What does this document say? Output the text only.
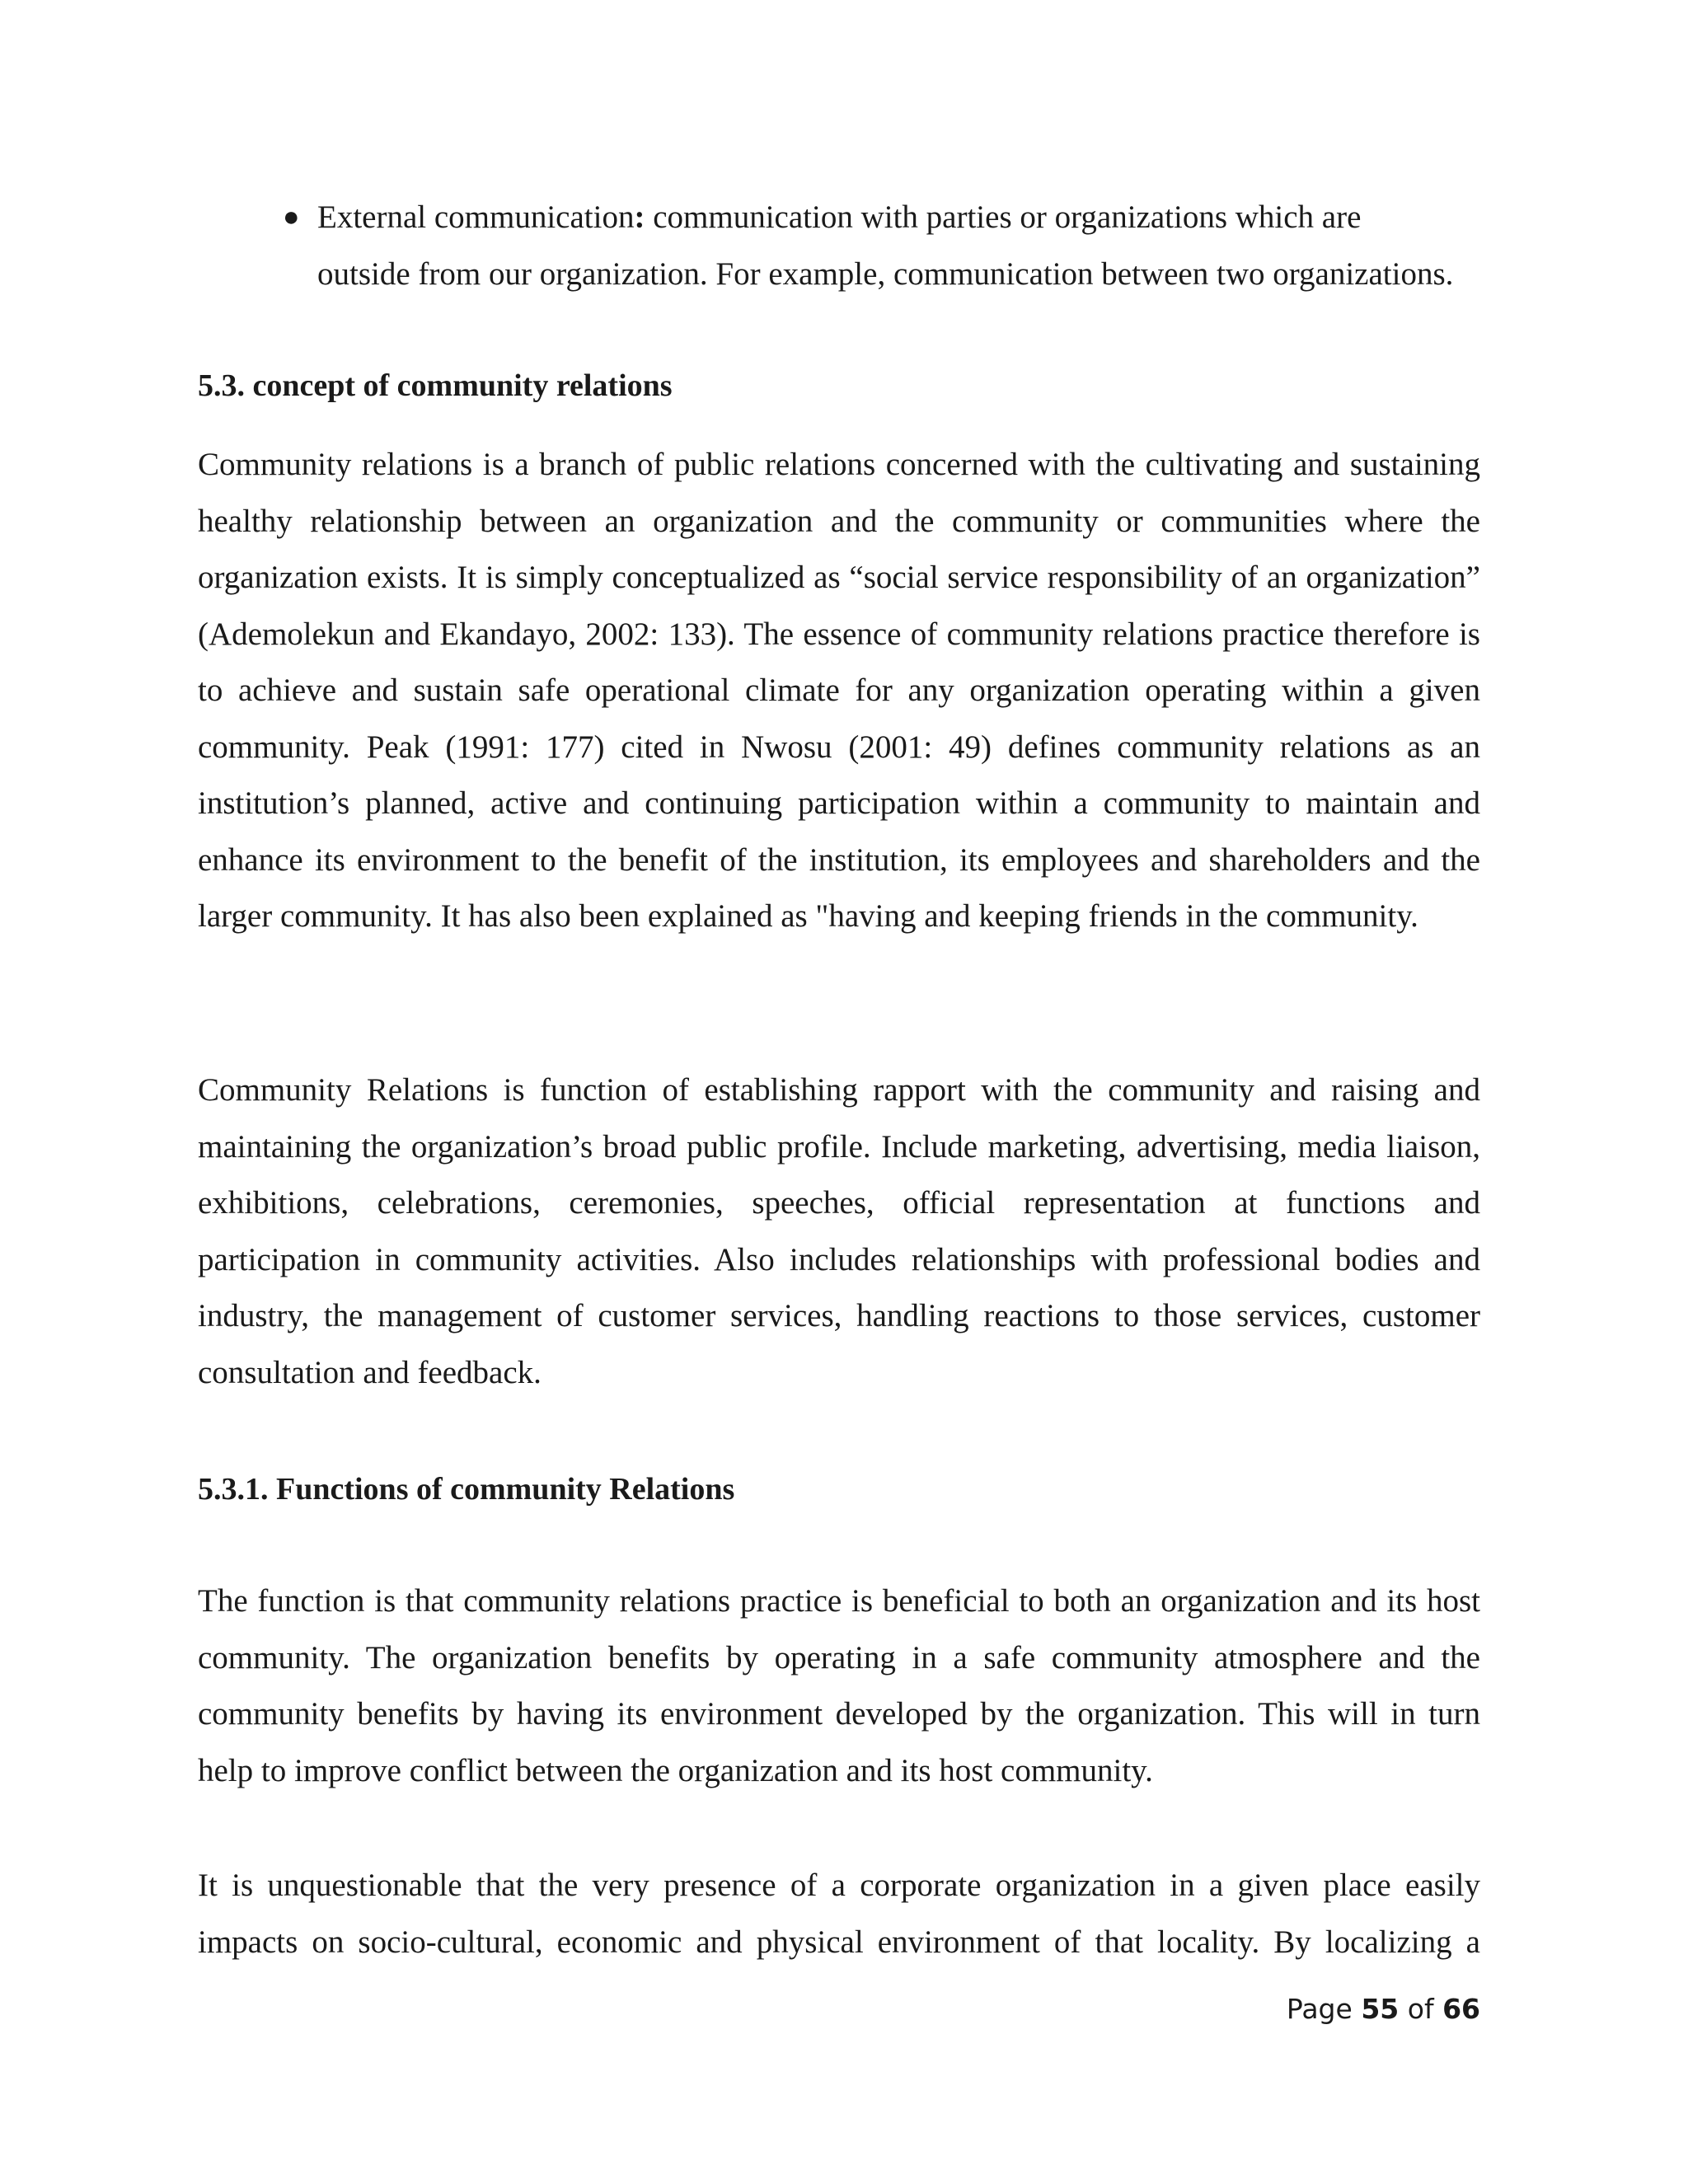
● External communication: communication with parties or organizations which are outside from our organization. For example, communication between two organizations.
5.3. concept of community relations
Community relations is a branch of public relations concerned with the cultivating and sustaining healthy relationship between an organization and the community or communities where the organization exists. It is simply conceptualized as “social service responsibility of an organization” (Ademolekun and Ekandayo, 2002: 133). The essence of community relations practice therefore is to achieve and sustain safe operational climate for any organization operating within a given community. Peak (1991: 177) cited in Nwosu (2001: 49) defines community relations as an institution’s planned, active and continuing participation within a community to maintain and enhance its environment to the benefit of the institution, its employees and shareholders and the larger community. It has also been explained as "having and keeping friends in the community.
Community Relations is function of establishing rapport with the community and raising and maintaining the organization’s broad public profile. Include marketing, advertising, media liaison, exhibitions, celebrations, ceremonies, speeches, official representation at functions and participation in community activities. Also includes relationships with professional bodies and industry, the management of customer services, handling reactions to those services, customer consultation and feedback.
5.3.1. Functions of community Relations
The function is that community relations practice is beneficial to both an organization and its host community. The organization benefits by operating in a safe community atmosphere and the community benefits by having its environment developed by the organization. This will in turn help to improve conflict between the organization and its host community.
It is unquestionable that the very presence of a corporate organization in a given place easily impacts on socio-cultural, economic and physical environment of that locality. By localizing a
Page 55 of 66
